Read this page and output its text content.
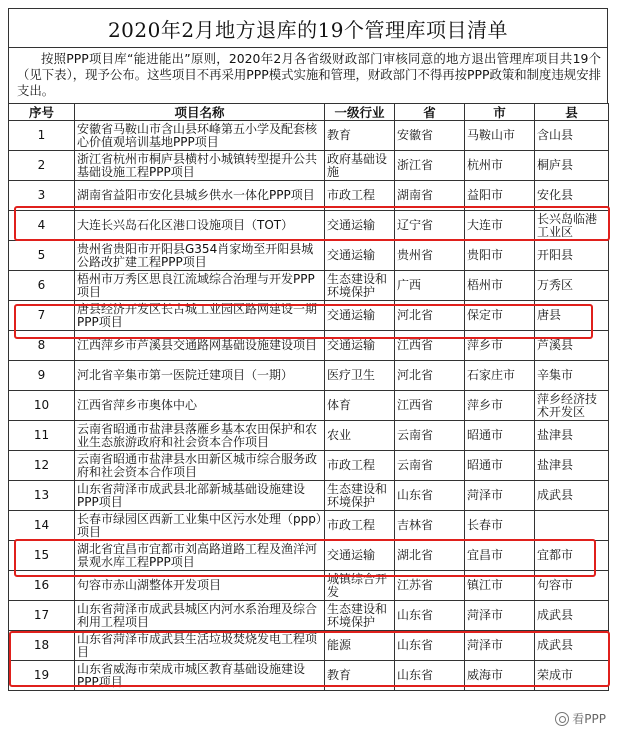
2020年2月地方退库的19个管理库项目清单
按照PPP项目库“能进能出”原则，2020年2月各省级财政部门审核同意的地方退出管理库项目共19个（见下表），现予公布。这些项目不再采用PPP模式实施和管理，财政部门不得再按PPP政策和制度违规安排支出。
序号	项目名称	一级行业	省	市	县
1	安徽省马鞍山市含山县环峰第五小学及配套核心价值观培训基地PPP项目	教育	安徽省	马鞍山市	含山县
2	浙江省杭州市桐庐县横村小城镇转型提升公共基础设施工程PPP项目	政府基础设施	浙江省	杭州市	桐庐县
3	湖南省益阳市安化县城乡供水一体化PPP项目	市政工程	湖南省	益阳市	安化县
4	大连长兴岛石化区港口设施项目（TOT）	交通运输	辽宁省	大连市	长兴岛临港工业区
5	贵州省贵阳市开阳县G354肖家坳至开阳县城公路改扩建工程PPP项目	交通运输	贵州省	贵阳市	开阳县
6	梧州市万秀区思良江流域综合治理与开发PPP项目	生态建设和环境保护	广西	梧州市	万秀区
7	唐县经济开发区长古城工业园区路网建设一期PPP项目	交通运输	河北省	保定市	唐县
8	江西萍乡市芦溪县交通路网基础设施建设项目	交通运输	江西省	萍乡市	芦溪县
9	河北省辛集市第一医院迁建项目（一期）	医疗卫生	河北省	石家庄市	辛集市
10	江西省萍乡市奥体中心	体育	江西省	萍乡市	萍乡经济技术开发区
11	云南省昭通市盐津县落雁乡基本农田保护和农业生态旅游政府和社会资本合作项目	农业	云南省	昭通市	盐津县
12	云南省昭通市盐津县水田新区城市综合服务政府和社会资本合作项目	市政工程	云南省	昭通市	盐津县
13	山东省菏泽市成武县北部新城基础设施建设PPP项目	生态建设和环境保护	山东省	菏泽市	成武县
14	长春市绿园区西新工业集中区污水处理（ppp）项目	市政工程	吉林省	长春市	
15	湖北省宜昌市宜都市刘高路道路工程及渔洋河景观水库工程PPP项目	交通运输	湖北省	宜昌市	宜都市
16	句容市赤山湖整体开发项目	城镇综合开发	江苏省	镇江市	句容市
17	山东省菏泽市成武县城区内河水系治理及综合利用工程项目	生态建设和环境保护	山东省	菏泽市	成武县
18	山东省菏泽市成武县生活垃圾焚烧发电工程项目	能源	山东省	菏泽市	成武县
19	山东省威海市荣成市城区教育基础设施建设PPP项目	教育	山东省	威海市	荣成市
看PPP
